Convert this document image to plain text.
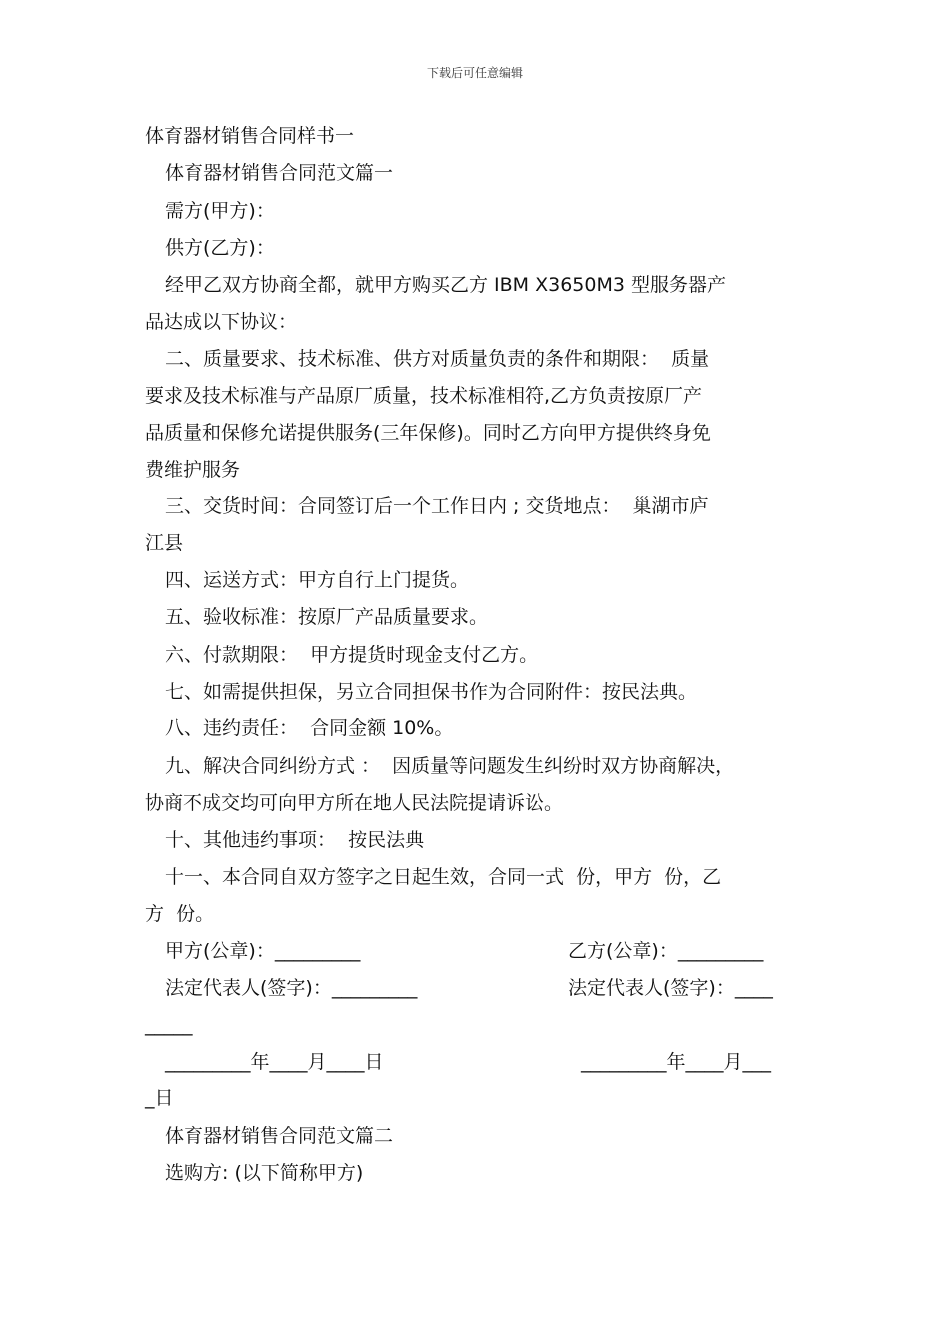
下载后可任意编辑
体育器材销售合同样书一
体育器材销售合同范文篇一
需方(甲方)：
供方(乙方)：
经甲乙双方协商全都，就甲方购买乙方 IBM X3650M3 型服务器产
品达成以下协议：
二、质量要求、技术标准、供方对质量负责的条件和期限：  质量
要求及技术标准与产品原厂质量，技术标准相符,乙方负责按原厂产
品质量和保修允诺提供服务(三年保修)。同时乙方向甲方提供终身免
费维护服务
三、交货时间：合同签订后一个工作日内 ; 交货地点：  巢湖市庐
江县
四、运送方式：甲方自行上门提货。
五、验收标准：按原厂产品质量要求。
六、付款期限：  甲方提货时现金支付乙方。
七、如需提供担保，另立合同担保书作为合同附件：按民法典。
八、违约责任：  合同金额 10%。
九、解决合同纠纷方式 ：  因质量等问题发生纠纷时双方协商解决，
协商不成交均可向甲方所在地人民法院提请诉讼。
十、其他违约事项：  按民法典
十一、本合同自双方签字之日起生效，合同一式  份，甲方  份，乙
方  份。
甲方(公章)：_________	乙方(公章)：_________
法定代表人(签字)：_________	法定代表人(签字)：____
_____
_________年____月____日	_________年____月___
_日
体育器材销售合同范文篇二
选购方: (以下简称甲方)
